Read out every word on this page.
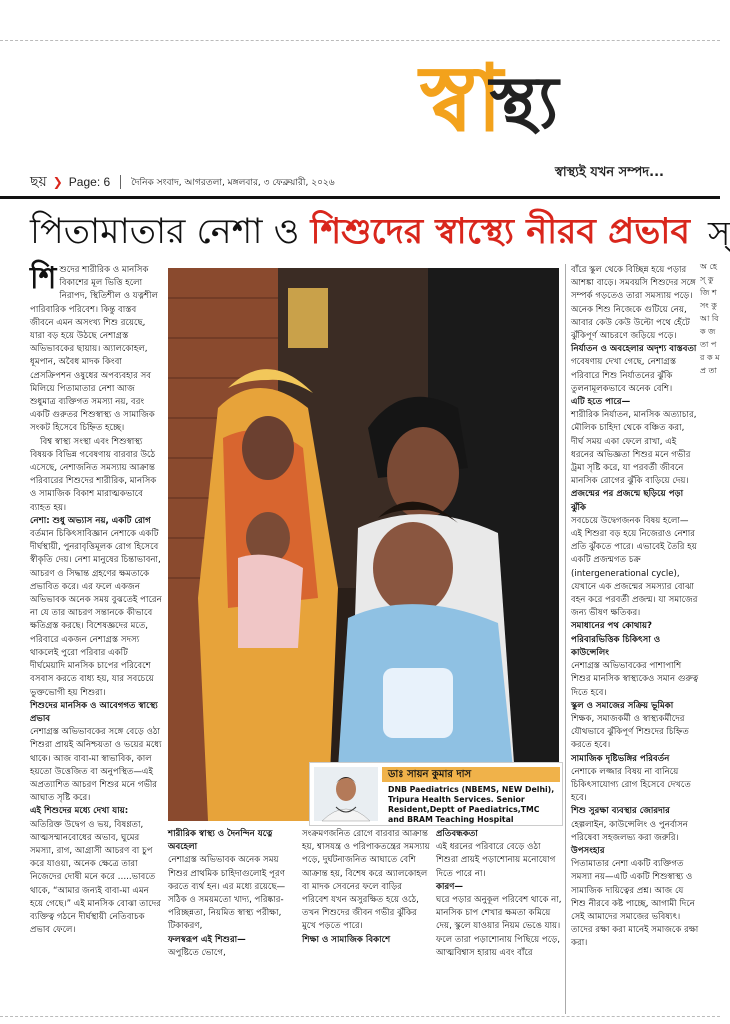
স্বা
স্থ্য
স্বাস্থ্যই যখন সম্পদ...
ছয় ❯ Page: 6 দৈনিক সংবাদ, আগরতলা, মঙ্গলবার, ৩ ফেব্রুয়ারী, ২০২৬
পিতামাতার নেশা ও শিশুদের স্বাস্থ্যে নীরব প্রভাব স্

শিশুদের শারীরিক ও মানসিক বিকাশের মূল ভিত্তি হলো নিরাপদ, স্থিতিশীল ও যত্নশীল পারিবারিক পরিবেশ। কিন্তু বাস্তব জীবনে এমন অসংখ্য শিশু রয়েছে, যারা বড় হয়ে উঠছে নেশাগ্রস্ত অভিভাবকের ছায়ায়। অ্যালকোহল, ধূমপান, অবৈধ মাদক কিংবা প্রেসক্রিপশন ওষুধের অপব্যবহার সব মিলিয়ে পিতামাতার নেশা আজ শুধুমাত্র ব্যক্তিগত সমস্যা নয়, বরং একটি গুরুতর শিশুস্বাস্থ্য ও সামাজিক সংকট হিসেবে চিহ্নিত হচ্ছে।

বিশ্ব স্বাস্থ্য সংস্থা এবং শিশুস্বাস্থ্য বিষয়ক বিভিন্ন গবেষণায় বারবার উঠে এসেছে, নেশাজনিত সমস্যায় আক্রান্ত পরিবারের শিশুদের শারীরিক, মানসিক ও সামাজিক বিকাশ মারাত্মকভাবে ব্যাহত হয়।

নেশা: শুধু অভ্যাস নয়, একটি রোগ

বর্তমান চিকিৎসাবিজ্ঞান নেশাকে একটি দীর্ঘস্থায়ী, পুনরাবৃত্তিমূলক রোগ হিসেবে স্বীকৃতি দেয়। নেশা মানুষের চিন্তাভাবনা, আচরণ ও সিদ্ধান্ত গ্রহণের ক্ষমতাকে প্রভাবিত করে। এর ফলে একজন অভিভাবক অনেক সময় বুঝতেই পারেন না যে তার আচরণ সন্তানকে কীভাবে ক্ষতিগ্রস্ত করছে। বিশেষজ্ঞদের মতে, পরিবারে একজন নেশাগ্রস্ত সদস্য থাকলেই পুরো পরিবার একটি দীর্ঘমেয়াদি মানসিক চাপের পরিবেশে বসবাস করতে বাধ্য হয়, যার সবচেয়ে ভুক্তভোগী হয় শিশুরা।

শিশুদের মানসিক ও আবেগগত স্বাস্থ্যে প্রভাব

নেশাগ্রস্ত অভিভাবকের সঙ্গে বেড়ে ওঠা শিশুরা প্রায়ই অনিশ্চয়তা ও ভয়ের মধ্যে থাকে। আজ বাবা-মা স্বাভাবিক, কাল হয়তো উত্তেজিত বা অনুপস্থিত—এই অপ্রত্যাশিত আচরণ শিশুর মনে গভীর আঘাত সৃষ্টি করে।

এই শিশুদের মধ্যে দেখা যায়:

অতিরিক্ত উদ্বেগ ও ভয়, বিষণ্ণতা, আত্মসম্মানবোধের অভাব, ঘুমের সমস্যা, রাগ, আগ্রাসী আচরণ বা চুপ করে যাওয়া, অনেক ক্ষেত্রে তারা নিজেদের দোষী মনে করে …..ভাবতে থাকে, “আমার জন্যই বাবা-মা এমন হয়ে গেছে।” এই মানসিক বোঝা তাদের ব্যক্তিত্ব গঠনে দীর্ঘস্থায়ী নেতিবাচক প্রভাব ফেলে।

ডাঃ সায়ন কুমার দাস
DNB Paediatrics (NBEMS, NEW Delhi), Tripura Health Services. Senior Resident,Deptt of Paediatrics,TMC and BRAM Teaching Hospital

বাঁরে স্কুল থেকে বিচ্ছিন্ন হয়ে পড়ার আশঙ্কা বাড়ে। সমবয়সি শিশুদের সঙ্গে সম্পর্ক গড়তেও তারা সমস্যায় পড়ে। অনেক শিশু নিজেকে গুটিয়ে নেয়, আবার কেউ কেউ উল্টো পথে হেঁটে ঝুঁকিপূর্ণ আচরণে জড়িয়ে পড়ে।

নির্যাতন ও অবহেলার অদৃশ্য বাস্তবতা

গবেষণায় দেখা গেছে, নেশাগ্রস্ত পরিবারে শিশু নির্যাতনের ঝুঁকি তুলনামূলকভাবে অনেক বেশি।

এটি হতে পারে—

শারীরিক নির্যাতন, মানসিক অত্যাচার, মৌলিক চাহিদা থেকে বঞ্চিত করা, দীর্ঘ সময় একা ফেলে রাখা, এই ধরনের অভিজ্ঞতা শিশুর মনে গভীর ট্রমা সৃষ্টি করে, যা পরবর্তী জীবনে মানসিক রোগের ঝুঁকি বাড়িয়ে দেয়।

প্রজন্মের পর প্রজন্মে ছড়িয়ে পড়া ঝুঁকি

সবচেয়ে উদ্বেগজনক বিষয় হলো—এই শিশুরা বড় হয়ে নিজেরাও নেশার প্রতি ঝুঁকতে পারে। এভাবেই তৈরি হয় একটি প্রজন্মগত চক্র (intergenerational cycle), যেখানে এক প্রজন্মের সমস্যার বোঝা বহন করে পরবর্তী প্রজন্ম। যা সমাজের জন্য ভীষণ ক্ষতিকর।

সমাধানের পথ কোথায়?

পরিবারভিত্তিক চিকিৎসা ও কাউন্সেলিং

নেশাগ্রস্ত অভিভাবকের পাশাপাশি শিশুর মানসিক স্বাস্থ্যকেও সমান গুরুত্ব দিতে হবে।

স্কুল ও সমাজের সক্রিয় ভূমিকা

শিক্ষক, সমাজকর্মী ও স্বাস্থ্যকর্মীদের যৌথভাবে ঝুঁকিপূর্ণ শিশুদের চিহ্নিত করতে হবে।

সামাজিক দৃষ্টিভঙ্গির পরিবর্তন

নেশাকে লজ্জার বিষয় না বানিয়ে চিকিৎসাযোগ্য রোগ হিসেবে দেখতে হবে।

শিশু সুরক্ষা ব্যবস্থার জোরদার

হেল্পলাইন, কাউন্সেলিং ও পুনর্বাসন পরিষেবা সহজলভ্য করা জরুরি।

উপসংহার

পিতামাতার নেশা একটি ব্যক্তিগত সমস্যা নয়—এটি একটি শিশুস্বাস্থ্য ও সামাজিক দায়িত্বের প্রশ্ন। আজ যে শিশু নীরবে কষ্ট পাচ্ছে, আগামী দিনে সেই আমাদের সমাজের ভবিষ্যৎ। তাদের রক্ষা করা মানেই সমাজকে রক্ষা করা।

শারীরিক স্বাস্থ্য ও দৈনন্দিন যত্নে অবহেলা

নেশাগ্রস্ত অভিভাবক অনেক সময় শিশুর প্রাথমিক চাহিদাগুলোই পূরণ করতে ব্যর্থ হন। এর মধ্যে রয়েছে— সঠিক ও সময়মতো খাদ্য, পরিষ্কার-পরিচ্ছন্নতা, নিয়মিত স্বাস্থ্য পরীক্ষা, টিকাকরণ,

ফলস্বরূপ এই শিশুরা—

অপুষ্টিতে ভোগে,

সংক্রমণজনিত রোগে বারবার আক্রান্ত হয়, শ্বাসযন্ত্র ও পরিপাকতন্ত্রের সমস্যায় পড়ে, দুর্ঘটনাজনিত আঘাতে বেশি আক্রান্ত হয়, বিশেষ করে অ্যালকোহল বা মাদক সেবনের ফলে বাড়ির পরিবেশ যখন অসুরক্ষিত হয়ে ওঠে, তখন শিশুদের জীবন গভীর ঝুঁকির মুখে পড়তে পারে।

শিক্ষা ও সামাজিক বিকাশে

প্রতিবন্ধকতা

এই ধরনের পরিবারে বেড়ে ওঠা শিশুরা প্রায়ই পড়াশোনায় মনোযোগ দিতে পারে না।

কারণ—

ঘরে পড়ার অনুকূল পরিবেশ থাকে না, মানসিক চাপ শেখার ক্ষমতা কমিয়ে দেয়, স্কুলে যাওয়ার নিয়ম ভেঙে যায়। ফলে তারা পড়াশোনায় পিছিয়ে পড়ে, আত্মবিশ্বাস হারায় এবং বাঁরে

অ হে স্ কু জি শ সং কু আ বি ক জ তা প র ক ম প্র তা
